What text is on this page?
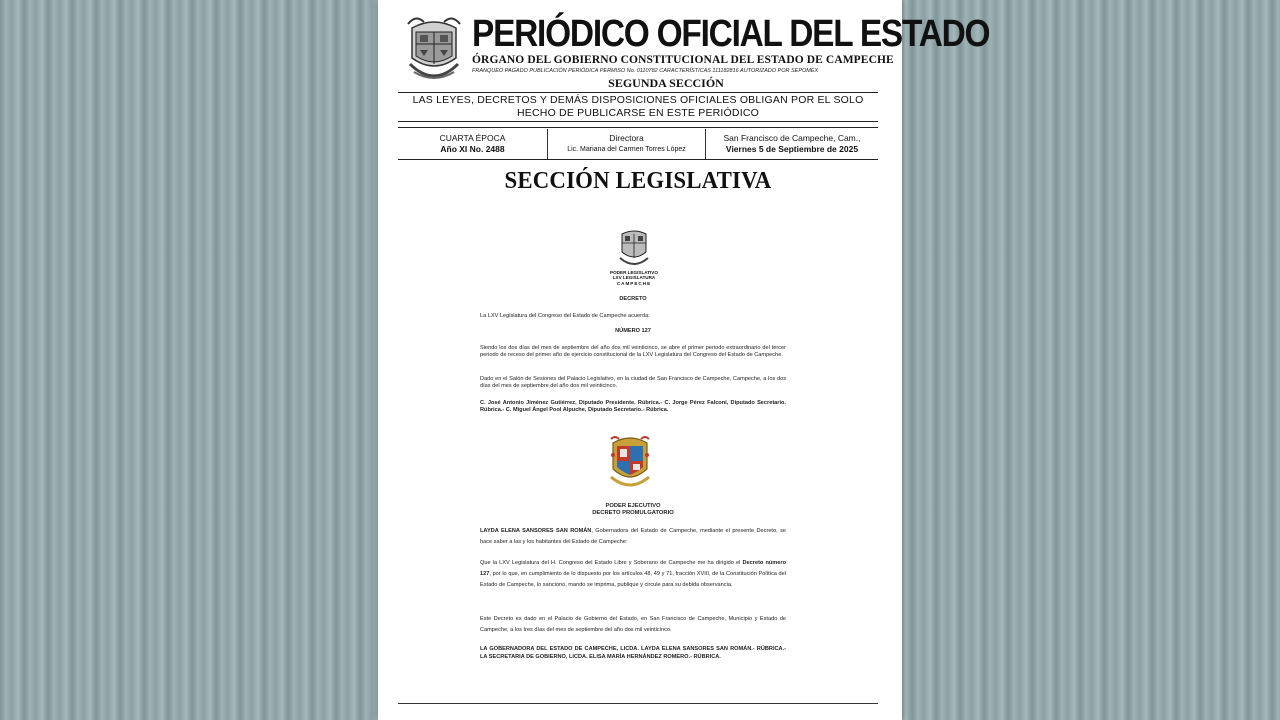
PERIÓDICO OFICIAL DEL ESTADO
ÓRGANO DEL GOBIERNO CONSTITUCIONAL DEL ESTADO DE CAMPECHE
FRANQUEO PAGADO PUBLICACIÓN PERIÓDICA PERMISO No. 0110782 CARACTERÍSTICAS 111182816 AUTORIZADO POR SEPOMEX
SEGUNDA SECCIÓN
LAS LEYES, DECRETOS Y DEMÁS DISPOSICIONES OFICIALES OBLIGAN POR EL SOLO
HECHO DE PUBLICARSE EN ESTE PERIÓDICO
CUARTA ÉPOCA
Año XI No. 2488
Directora
Lic. Mariana del Carmen Torres López
San Francisco de Campeche, Cam.,
Viernes 5 de Septiembre de 2025
SECCIÓN LEGISLATIVA
PODER LEGISLATIVO
LXV LEGISLATURA
CAMPECHE
DECRETO
La LXV Legislatura del Congreso del Estado de Campeche acuerda:
NÚMERO 127
Siendo los dos días del mes de septiembre del año dos mil veinticinco, se abre el primer periodo extraordinario del tercer periodo de receso del primer año de ejercicio constitucional de la LXV Legislatura del Congreso del Estado de Campeche.
Dado en el Salón de Sesiones del Palacio Legislativo, en la ciudad de San Francisco de Campeche, Campeche, a los dos días del mes de septiembre del año dos mil veinticinco.
C. José Antonio Jiménez Gutiérrez, Diputado Presidente. Rúbrica.- C. Jorge Pérez Falconi, Diputado Secretario. Rúbrica.- C. Miguel Ángel Pool Alpuche, Diputado Secretario.- Rúbrica.
PODER EJECUTIVO
DECRETO PROMULGATORIO
LAYDA ELENA SANSORES SAN ROMÁN, Gobernadora del Estado de Campeche, mediante el presente Decreto, se hace saber a las y los habitantes del Estado de Campeche:
Que la LXV Legislatura del H. Congreso del Estado Libre y Soberano de Campeche me ha dirigido el Decreto número 127, por lo que, en cumplimiento de lo dispuesto por los artículos 48, 49 y 71, fracción XVIII, de la Constitución Política del Estado de Campeche, lo sanciono, mando se imprima, publique y circule para su debida observancia.
Este Decreto es dado en el Palacio de Gobierno del Estado, en San Francisco de Campeche, Municipio y Estado de Campeche, a los tres días del mes de septiembre del año dos mil veinticinco.
LA GOBERNADORA DEL ESTADO DE CAMPECHE, LICDA. LAYDA ELENA SANSORES SAN ROMÁN.- RÚBRICA.- LA SECRETARIA DE GOBIERNO, LICDA. ELISA MARÍA HERNÁNDEZ ROMERO.- RÚBRICA.
